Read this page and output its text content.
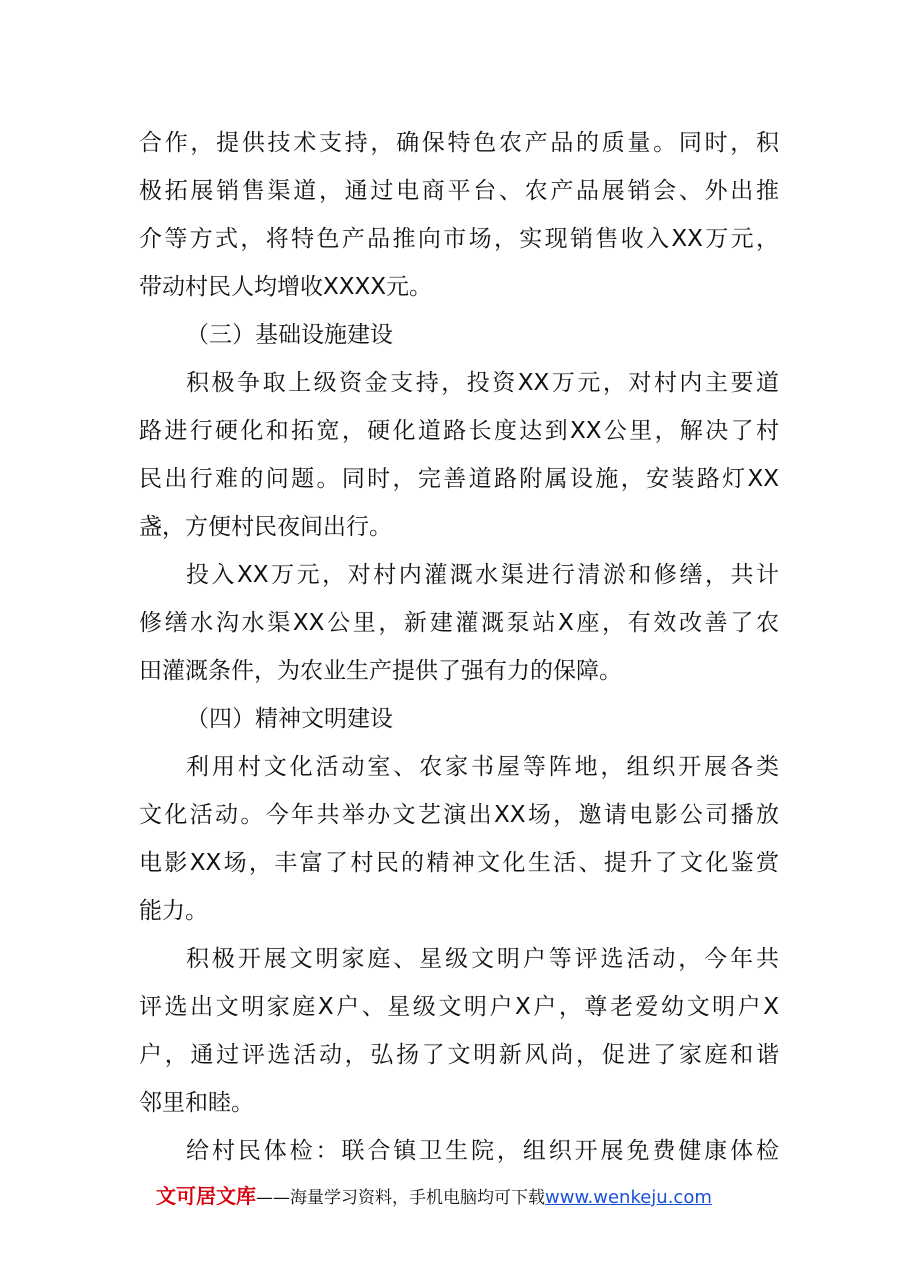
合作，提供技术支持，确保特色农产品的质量。同时，积
极拓展销售渠道，通过电商平台、农产品展销会、外出推
介等方式，将特色产品推向市场，实现销售收入XX万元，
带动村民人均增收XXXX元。
（三）基础设施建设
积极争取上级资金支持，投资XX万元，对村内主要道
路进行硬化和拓宽，硬化道路长度达到XX公里，解决了村
民出行难的问题。同时，完善道路附属设施，安装路灯XX
盏，方便村民夜间出行。
投入XX万元，对村内灌溉水渠进行清淤和修缮，共计
修缮水沟水渠XX公里，新建灌溉泵站X座，有效改善了农
田灌溉条件，为农业生产提供了强有力的保障。
（四）精神文明建设
利用村文化活动室、农家书屋等阵地，组织开展各类
文化活动。今年共举办文艺演出XX场，邀请电影公司播放
电影XX场，丰富了村民的精神文化生活、提升了文化鉴赏
能力。
积极开展文明家庭、星级文明户等评选活动，今年共
评选出文明家庭X户、星级文明户X户，尊老爱幼文明户X
户，通过评选活动，弘扬了文明新风尚，促进了家庭和谐
邻里和睦。
给村民体检：联合镇卫生院，组织开展免费健康体检
文可居文库——海量学习资料，手机电脑均可下载www.wenkeju.com
